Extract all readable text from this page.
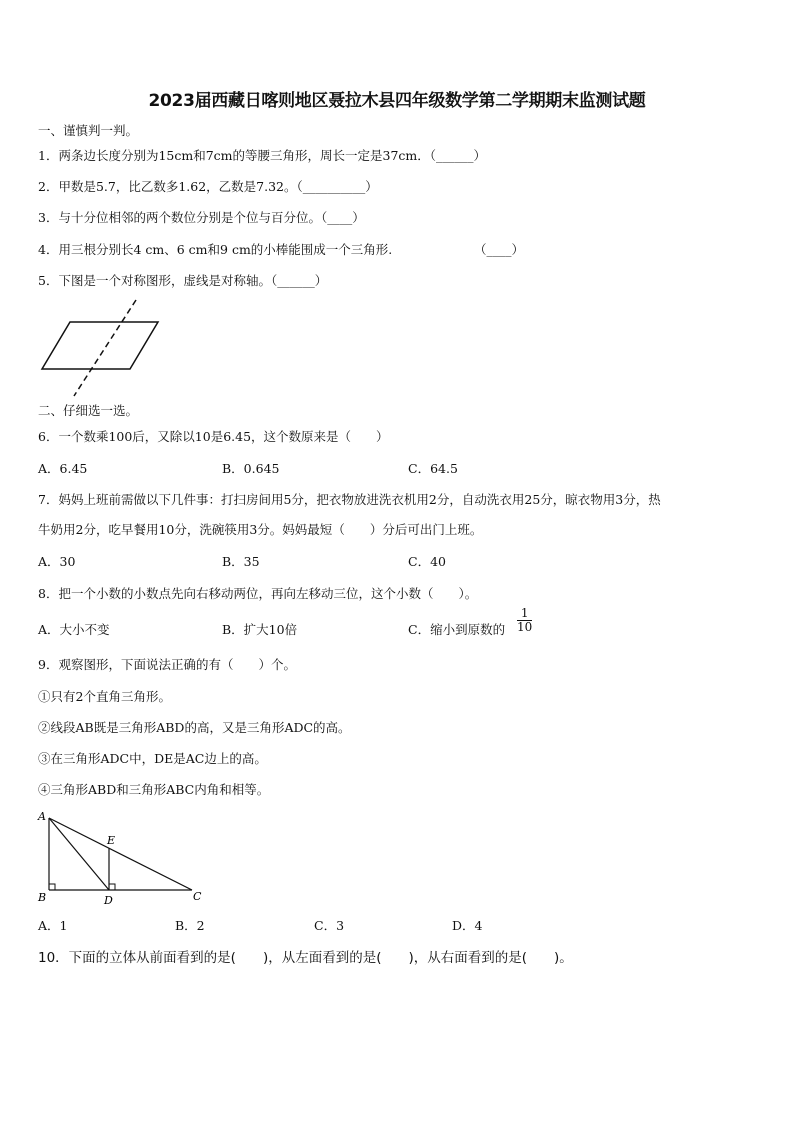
2023届西藏日喀则地区聂拉木县四年级数学第二学期期末监测试题
一、谨慎判一判。
1．两条边长度分别为15cm和7cm的等腰三角形，周长一定是37cm．（______）
2．甲数是5.7，比乙数多1.62，乙数是7.32。（__________）
3．与十分位相邻的两个数位分别是个位与百分位。（____）
4．用三根分别长4 cm、6 cm和9 cm的小棒能围成一个三角形.	（____）
5．下图是一个对称图形，虚线是对称轴。（______）
二、仔细选一选。
6．一个数乘100后，又除以10是6.45，这个数原来是（　　）
A．6.45	B．0.645	C．64.5
7．妈妈上班前需做以下几件事：打扫房间用5分，把衣物放进洗衣机用2分，自动洗衣用25分，晾衣物用3分，热
牛奶用2分，吃早餐用10分，洗碗筷用3分。妈妈最短（　　）分后可出门上班。
A．30	B．35	C．40
8．把一个小数的小数点先向右移动两位，再向左移动三位，这个小数（　　）。
A．大小不变	B．扩大10倍	C．缩小到原数的
1
10
9．观察图形，下面说法正确的有（　　）个。
①只有2个直角三角形。
②线段AB既是三角形ABD的高，又是三角形ADC的高。
③在三角形ADC中，DE是AC边上的高。
④三角形ABD和三角形ABC内角和相等。
A
B	C
D
E
A．1	B．2	C．3	D．4
10．下面的立体从前面看到的是(　　)，从左面看到的是(　　)，从右面看到的是(　　)。
